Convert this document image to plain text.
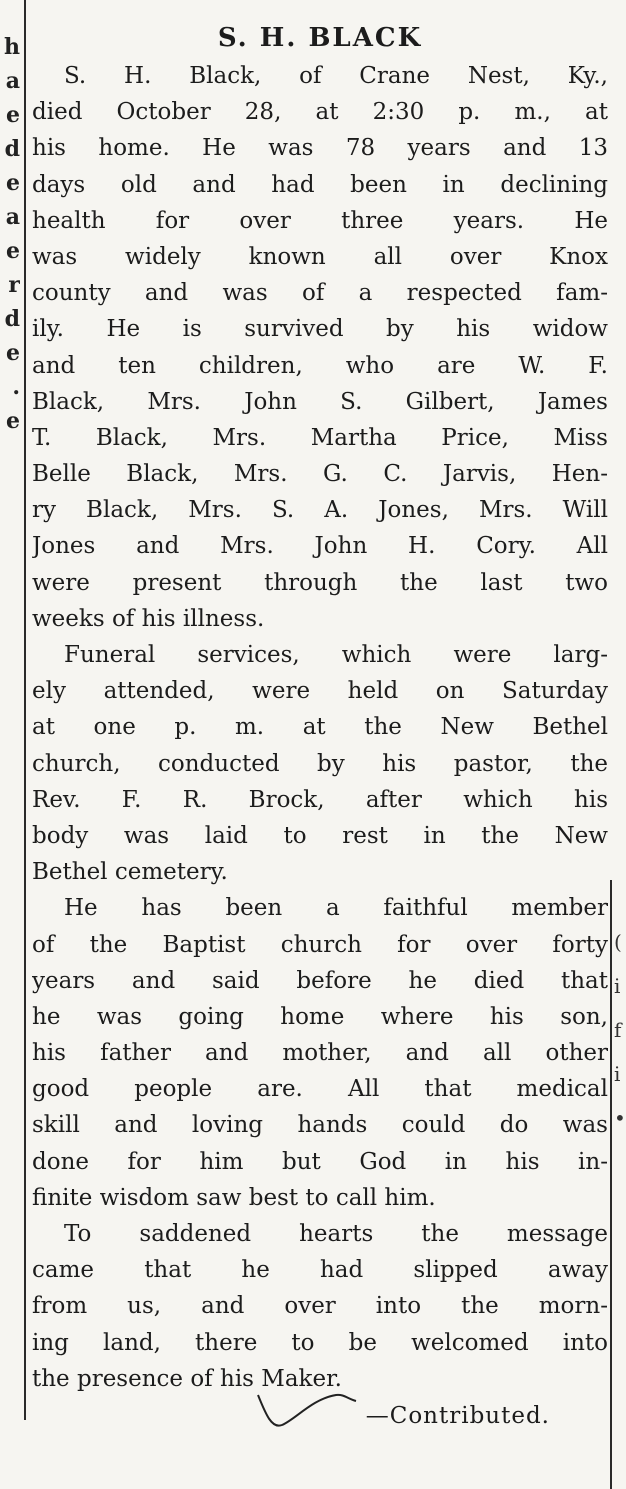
h
a
e
d
e
a
e
r
d
e
.
e
(
i
f
i
•
S. H. BLACK
S. H. Black, of Crane Nest, Ky.,
died October 28, at 2:30 p. m., at
his home. He was 78 years and 13
days old and had been in declining
health for over three years. He
was widely known all over Knox
county and was of a respected fam-
ily. He is survived by his widow
and ten children, who are W. F.
Black, Mrs. John S. Gilbert, James
T. Black, Mrs. Martha Price, Miss
Belle Black, Mrs. G. C. Jarvis, Hen-
ry Black, Mrs. S. A. Jones, Mrs. Will
Jones and Mrs. John H. Cory. All
were present through the last two
weeks of his illness.
Funeral services, which were larg-
ely attended, were held on Saturday
at one p. m. at the New Bethel
church, conducted by his pastor, the
Rev. F. R. Brock, after which his
body was laid to rest in the New
Bethel cemetery.
He has been a faithful member
of the Baptist church for over forty
years and said before he died that
he was going home where his son,
his father and mother, and all other
good people are. All that medical
skill and loving hands could do was
done for him but God in his in-
finite wisdom saw best to call him.
To saddened hearts the message
came that he had slipped away
from us, and over into the morn-
ing land, there to be welcomed into
the presence of his Maker.
—Contributed.
